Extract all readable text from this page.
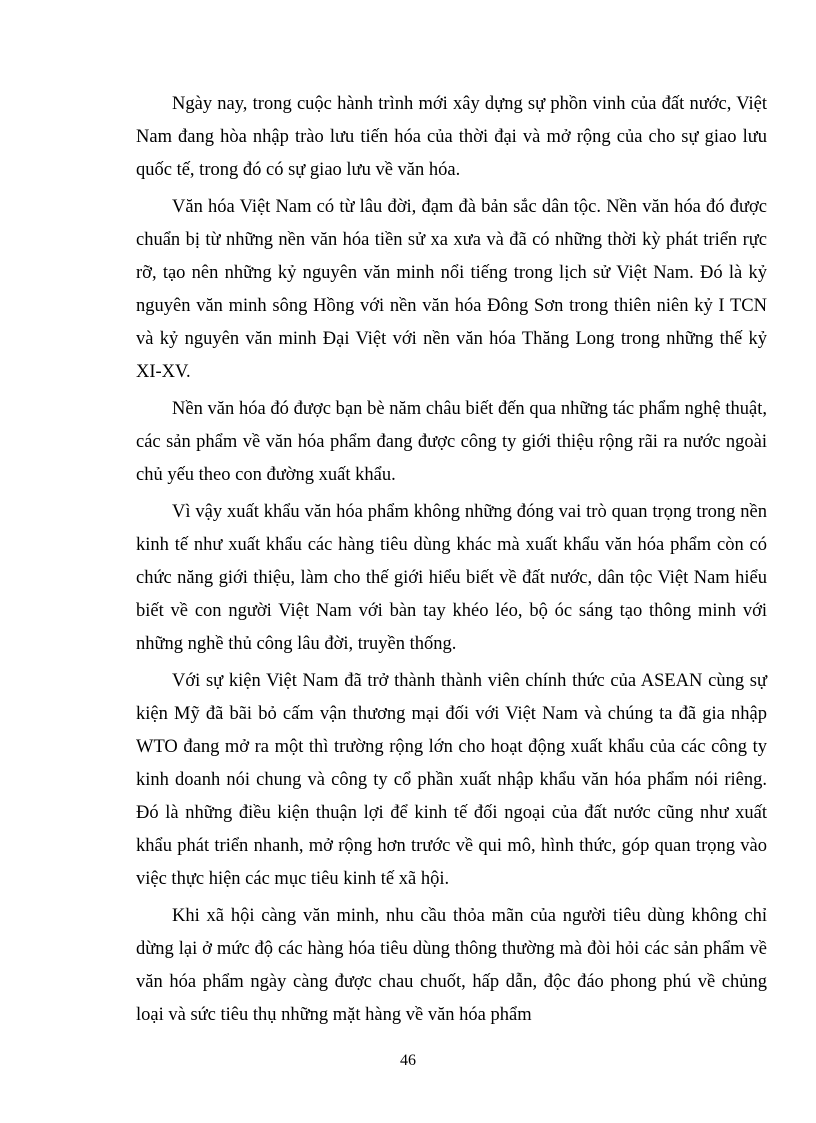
Ngày nay, trong cuộc hành trình mới xây dựng sự phồn vinh của đất nước, Việt Nam đang hòa nhập trào lưu tiến hóa của thời đại và mở rộng của cho sự giao lưu quốc tế, trong đó có sự giao lưu về văn hóa.

Văn hóa Việt Nam có từ lâu đời, đạm đà bản sắc dân tộc. Nền văn hóa đó được chuẩn bị từ những nền văn hóa tiền sử xa xưa và đã có những thời kỳ phát triển rực rỡ, tạo nên những kỷ nguyên văn minh nổi tiếng trong lịch sử Việt Nam. Đó là kỷ nguyên văn minh sông Hồng với nền văn hóa Đông Sơn trong thiên niên kỷ I TCN và kỷ nguyên văn minh Đại Việt với nền văn hóa Thăng Long trong những thế kỷ XI-XV.

Nền văn hóa đó được bạn bè năm châu biết đến qua những tác phẩm nghệ thuật, các sản phẩm về văn hóa phẩm đang được công ty giới thiệu rộng rãi ra nước ngoài chủ yếu theo con đường xuất khẩu.

Vì vậy xuất khẩu văn hóa phẩm không những đóng vai trò quan trọng trong nền kinh tế như xuất khẩu các hàng tiêu dùng khác mà xuất khẩu văn hóa phẩm còn có chức năng giới thiệu, làm cho thế giới hiểu biết về đất nước, dân tộc Việt Nam hiểu biết về con người Việt Nam với bàn tay khéo léo, bộ óc sáng tạo thông minh với những nghề thủ công lâu đời, truyền thống.

Với sự kiện Việt Nam đã trở thành thành viên chính thức của ASEAN cùng sự kiện Mỹ đã bãi bỏ cấm vận thương mại đối với Việt Nam và chúng ta đã gia nhập WTO đang mở ra một thì trường rộng lớn cho hoạt động xuất khẩu của các công ty kinh doanh nói chung và công ty cổ phần xuất nhập khẩu văn hóa phẩm nói riêng. Đó là những điều kiện thuận lợi để kinh tế đối ngoại của đất nước cũng như xuất khẩu phát triển nhanh, mở rộng hơn trước về qui mô, hình thức, góp quan trọng vào việc thực hiện các mục tiêu kinh tế xã hội.

Khi xã hội càng văn minh, nhu cầu thỏa mãn của người tiêu dùng không chỉ dừng lại ở mức độ các hàng hóa tiêu dùng thông thường mà đòi hỏi các sản phẩm về văn hóa phẩm ngày càng được chau chuốt, hấp dẫn, độc đáo phong phú về chủng loại và sức tiêu thụ những mặt hàng về văn hóa phẩm

46
